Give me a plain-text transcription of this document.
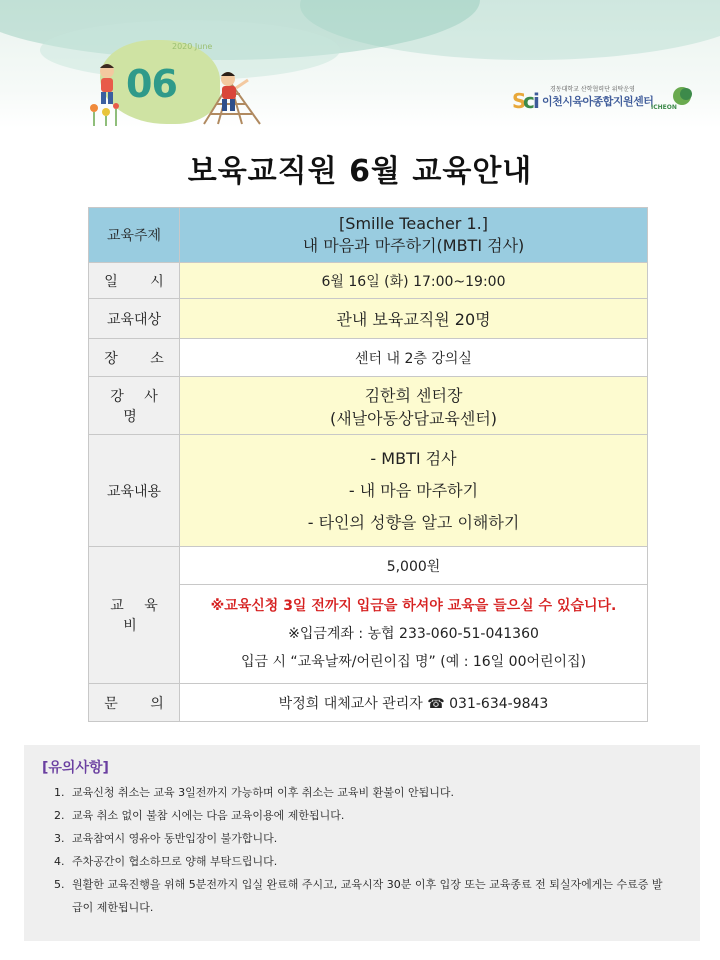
06
2020 June
S
c
i 경동대학교 산학협력단 위탁운영
이천시육아종합지원센터
ICHEON
보육교직원 6월 교육안내
교육주제	[Smille Teacher 1.]
내 마음과 마주하기(MBTI 검사)

일 시	6월 16일 (화) 17:00~19:00
교육대상	관내 보육교직원 20명
장 소	센터 내 2층 강의실
강 사 명	김한희 센터장
(새날아동상담교육센터)

교육내용	- MBTI 검사
- 내 마음 마주하기
- 타인의 성향을 알고 이해하기

교 육 비	5,000원

	※교육신청 3일 전까지 입금을 하셔야 교육을 들으실 수 있습니다.
※입금계좌 : 농협 233-060-51-041360
입금 시 “교육날짜/어린이집 명” (예 : 16일 00어린이집)

문 의	박정희 대체교사 관리자 ☎ 031-634-9843
[유의사항]
1. 교육신청 취소는 교육 3일전까지 가능하며 이후 취소는 교육비 환불이 안됩니다.
2. 교육 취소 없이 불참 시에는 다음 교육이용에 제한됩니다.
3. 교육참여시 영유아 동반입장이 불가합니다.
4. 주차공간이 협소하므로 양해 부탁드립니다.
5. 원활한 교육진행을 위해 5분전까지 입실 완료해 주시고, 교육시작 30분 이후 입장 또는 교육종료 전 퇴실자에게는 수료증 발급이 제한됩니다.
